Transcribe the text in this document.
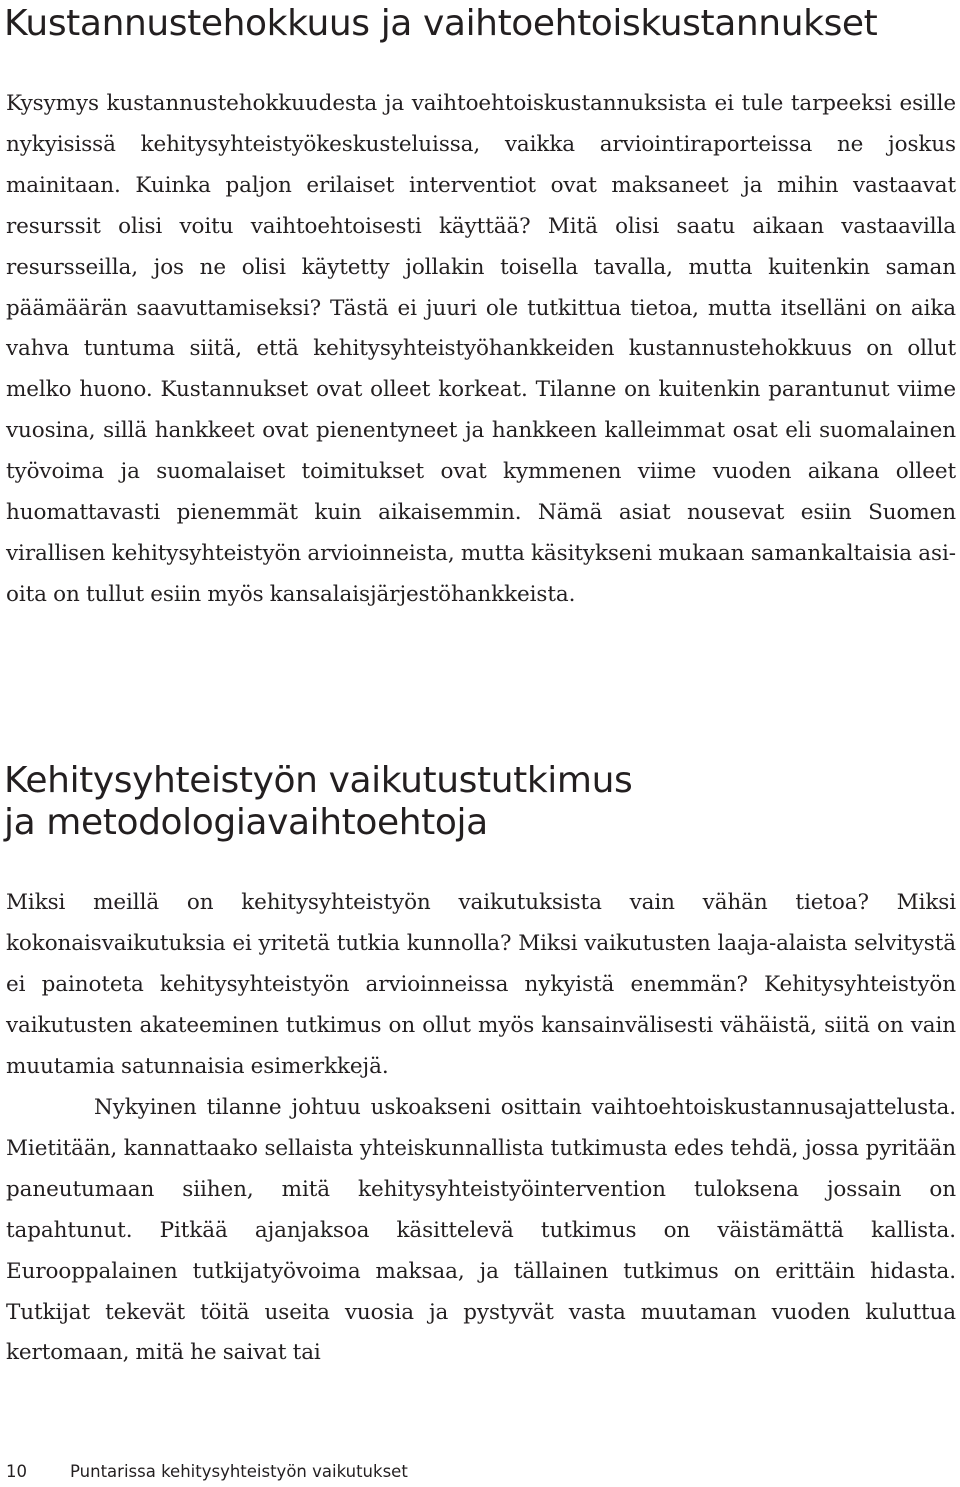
Kustannustehokkuus ja vaihtoehtoiskustannukset

Kysymys kustannustehokkuudesta ja vaihtoehtoiskustannuksista ei tule tarpeeksi esille nykyisissä kehitysyhteistyökeskusteluissa, vaikka arviointiraporteissa ne joskus mainitaan. Kuinka paljon erilaiset interventiot ovat maksaneet ja mihin vastaavat resurssit olisi voitu vaihtoehtoisesti käyttää? Mitä olisi saatu aikaan vastaavilla resursseilla, jos ne olisi käytetty jollakin toisella tavalla, mutta kuitenkin saman päämäärän saavuttamiseksi? Tästä ei juuri ole tutkittua tietoa, mutta itselläni on aika vahva tuntuma siitä, että kehitysyhteistyöhankkeiden kustannustehokkuus on ollut melko huono. Kustannukset ovat olleet korkeat. Tilanne on kuitenkin parantunut viime vuosina, sillä hankkeet ovat pienentyneet ja hankkeen kalleimmat osat eli suomalainen työvoima ja suomalaiset toimitukset ovat kymmenen viime vuoden aikana olleet huomattavasti pienemmät kuin aikaisemmin. Nämä asiat nousevat esiin Suomen virallisen kehitysyhteistyön arvioinneista, mutta käsitykseni mukaan samankaltaisia asioita on tullut esiin myös kansalaisjärjestöhankkeista.

Kehitysyhteistyön vaikutustutkimus
ja metodologiavaihtoehtoja

Miksi meillä on kehitysyhteistyön vaikutuksista vain vähän tietoa? Miksi kokonaisvaikutuksia ei yritetä tutkia kunnolla? Miksi vaikutusten laaja-alaista selvitystä ei painoteta kehitysyhteistyön arvioinneissa nykyistä enemmän? Kehitysyhteistyön vaikutusten akateeminen tutkimus on ollut myös kansainvälisesti vähäistä, siitä on vain muutamia satunnaisia esimerkkejä.

Nykyinen tilanne johtuu uskoakseni osittain vaihtoehtoiskustannusajattelusta. Mietitään, kannattaako sellaista yhteiskunnallista tutkimusta edes tehdä, jossa pyritään paneutumaan siihen, mitä kehitysyhteistyöintervention tuloksena jossain on tapahtunut. Pitkää ajanjaksoa käsittelevä tutkimus on väistämättä kallista. Eurooppalainen tutkijatyövoima maksaa, ja tällainen tutkimus on erittäin hidasta. Tutkijat tekevät töitä useita vuosia ja pystyvät vasta muutaman vuoden kuluttua kertomaan, mitä he saivat tai

10	Puntarissa kehitysyhteistyön vaikutukset
